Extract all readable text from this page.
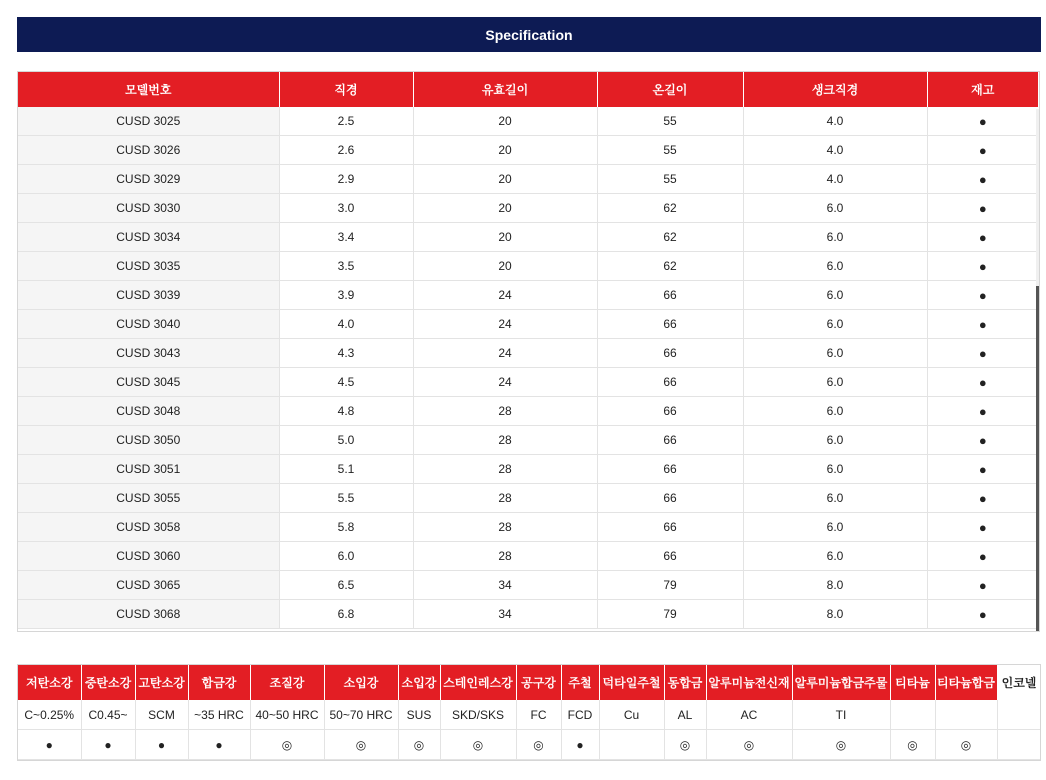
Specification
모델번호	직경	유효길이	온길이	생크직경	재고
CUSD 3025	2.5	20	55	4.0	●
CUSD 3026	2.6	20	55	4.0	●
CUSD 3029	2.9	20	55	4.0	●
CUSD 3030	3.0	20	62	6.0	●
CUSD 3034	3.4	20	62	6.0	●
CUSD 3035	3.5	20	62	6.0	●
CUSD 3039	3.9	24	66	6.0	●
CUSD 3040	4.0	24	66	6.0	●
CUSD 3043	4.3	24	66	6.0	●
CUSD 3045	4.5	24	66	6.0	●
CUSD 3048	4.8	28	66	6.0	●
CUSD 3050	5.0	28	66	6.0	●
CUSD 3051	5.1	28	66	6.0	●
CUSD 3055	5.5	28	66	6.0	●
CUSD 3058	5.8	28	66	6.0	●
CUSD 3060	6.0	28	66	6.0	●
CUSD 3065	6.5	34	79	8.0	●
CUSD 3068	6.8	34	79	8.0	●
저탄소강	중탄소강	고탄소강	합금강	조질강	소입강	소입강	스테인레스강	공구강	주철	덕타일주철	동합금	알루미늄전신재	알루미늄합금주물	티타늄	티타늄합금	인코넬
C~0.25%	C0.45~	SCM	~35 HRC	40~50 HRC	50~70 HRC	SUS	SKD/SKS	FC	FCD	Cu	AL	AC	TI			
●	●	●	●	◎	◎	◎	◎	◎	●		◎	◎	◎	◎	◎	
